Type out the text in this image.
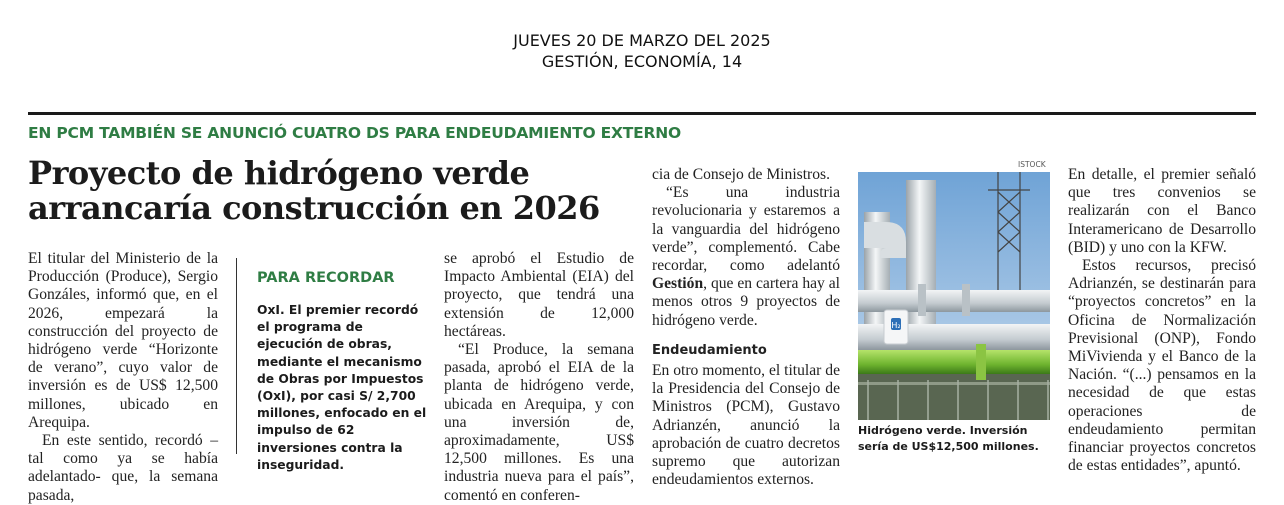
JUEVES 20 DE MARZO DEL 2025
GESTIÓN, ECONOMÍA, 14
EN PCM TAMBIÉN SE ANUNCIÓ CUATRO DS PARA ENDEUDAMIENTO EXTERNO
Proyecto de hidrógeno verde
arrancaría construcción en 2026

El titular del Ministerio de la Producción (Produce), Sergio Gonzáles, informó que, en el 2026, empezará la construcción del proyecto de hidrógeno verde “Horizonte de verano”, cuyo valor de inversión es de US$ 12,500 millones, ubicado en Arequipa.

En este sentido, recordó – tal como ya se había adelantado- que, la semana pasada,

PARA RECORDAR
OxI. El premier recordó el programa de ejecución de obras, mediante el mecanismo de Obras por Impuestos (OxI), por casi S/ 2,700 millones, enfocado en el impulso de 62 inversiones contra la inseguridad.

se aprobó el Estudio de Impacto Ambiental (EIA) del proyecto, que tendrá una extensión de 12,000 hectáreas.

“El Produce, la semana pasada, aprobó el EIA de la planta de hidrógeno verde, ubicada en Arequipa, y con una inversión de, aproximadamente, US$ 12,500 millones. Es una industria nueva para el país”, comentó en conferen-

cia de Consejo de Ministros.

“Es una industria revolucionaria y estaremos a la vanguardia del hidrógeno verde”, complementó. Cabe recordar, como adelantó Gestión, que en cartera hay al menos otros 9 proyectos de hidrógeno verde.

Endeudamiento

En otro momento, el titular de la Presidencia del Consejo de Ministros (PCM), Gustavo Adrianzén, anunció la aprobación de cuatro decretos supremo que autorizan endeudamientos externos.

ISTOCK
H₂
Hidrógeno verde. Inversión sería de US$12,500 millones.

En detalle, el premier señaló que tres convenios se realizarán con el Banco Interamericano de Desarrollo (BID) y uno con la KFW.

Estos recursos, precisó Adrianzén, se destinarán para “proyectos concretos” en la Oficina de Normalización Previsional (ONP), Fondo MiVivienda y el Banco de la Nación. “(...) pensamos en la necesidad de que estas operaciones de endeudamiento permitan financiar proyectos concretos de estas entidades”, apuntó.
